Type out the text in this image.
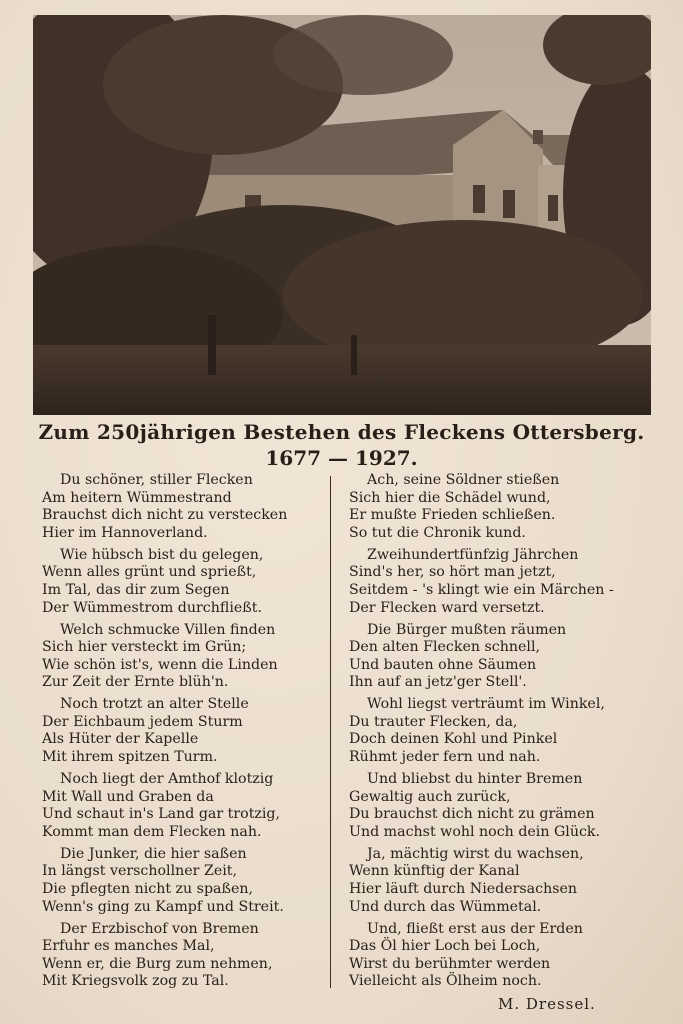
Zum 250jährigen Bestehen des Fleckens Ottersberg.
1677 — 1927.
Du schöner, stiller Flecken
Am heitern Wümmestrand
Brauchst dich nicht zu verstecken
Hier im Hannoverland.
Wie hübsch bist du gelegen,
Wenn alles grünt und sprießt,
Im Tal, das dir zum Segen
Der Wümmestrom durchfließt.
Welch schmucke Villen finden
Sich hier versteckt im Grün;
Wie schön ist's, wenn die Linden
Zur Zeit der Ernte blüh'n.
Noch trotzt an alter Stelle
Der Eichbaum jedem Sturm
Als Hüter der Kapelle
Mit ihrem spitzen Turm.
Noch liegt der Amthof klotzig
Mit Wall und Graben da
Und schaut in's Land gar trotzig,
Kommt man dem Flecken nah.
Die Junker, die hier saßen
In längst verschollner Zeit,
Die pflegten nicht zu spaßen,
Wenn's ging zu Kampf und Streit.
Der Erzbischof von Bremen
Erfuhr es manches Mal,
Wenn er, die Burg zum nehmen,
Mit Kriegsvolk zog zu Tal.
Ach, seine Söldner stießen
Sich hier die Schädel wund,
Er mußte Frieden schließen.
So tut die Chronik kund.
Zweihundertfünfzig Jährchen
Sind's her, so hört man jetzt,
Seitdem - 's klingt wie ein Märchen -
Der Flecken ward versetzt.
Die Bürger mußten räumen
Den alten Flecken schnell,
Und bauten ohne Säumen
Ihn auf an jetz'ger Stell'.
Wohl liegst verträumt im Winkel,
Du trauter Flecken, da,
Doch deinen Kohl und Pinkel
Rühmt jeder fern und nah.
Und bliebst du hinter Bremen
Gewaltig auch zurück,
Du brauchst dich nicht zu grämen
Und machst wohl noch dein Glück.
Ja, mächtig wirst du wachsen,
Wenn künftig der Kanal
Hier läuft durch Niedersachsen
Und durch das Wümmetal.
Und, fließt erst aus der Erden
Das Öl hier Loch bei Loch,
Wirst du berühmter werden
Vielleicht als Ölheim noch.
M. Dressel.
